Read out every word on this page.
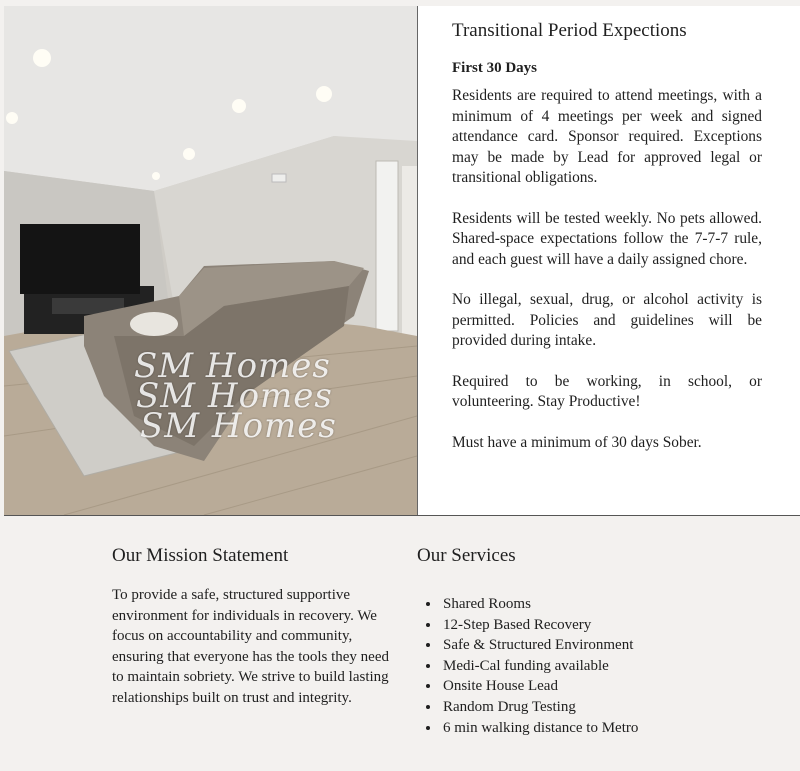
SM Homes
SM Homes
SM Homes
Transitional Period Expections
First 30 Days

Residents are required to attend meetings, with a minimum of 4 meetings per week and signed attendance card. Sponsor required. Exceptions may be made by Lead for approved legal or transitional obligations.

Residents will be tested weekly. No pets allowed. Shared-space expectations follow the 7-7-7 rule, and each guest will have a daily assigned chore.

No illegal, sexual, drug, or alcohol activity is permitted. Policies and guidelines will be provided during intake.

Required to be working, in school, or volunteering. Stay Productive!

Must have a minimum of 30 days Sober.

Our Mission Statement

To provide a safe, structured supportive environment for individuals in recovery. We focus on accountability and community, ensuring that everyone has the tools they need to maintain sobriety. We strive to build lasting relationships built on trust and integrity.

Our Services
• Shared Rooms
• 12-Step Based Recovery
• Safe & Structured Environment
• Medi-Cal funding available
• Onsite House Lead
• Random Drug Testing
• 6 min walking distance to Metro
